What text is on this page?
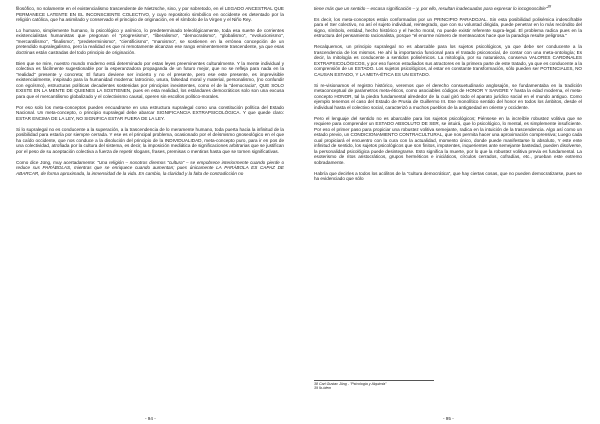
filosófico, no solamente en el existencialismo trascendente de Nietzsche, sino, y por sobretodo, en el LEGADO ANCESTRAL QUE PERMANECE LATENTE EN EL INCONSCIENTE COLECTIVO, y cuyo repositorio simbólico en occidente es detentado por la religión católica, que ha asimilado y conservado el principio de originación, en el símbolo de la Virgen y el Niño Rey.

Lo humano, simplemente humano, lo psicológico y anímico, lo predeterminado teleológicamente, toda esa suerte de corrientes existencialistas humanistas que pregonan el "progresismo", "liberalismo", "democratismo", "globalismo", "evolucionismo", "mercantilismo", "finalismo", "predeterminismo", "cientificismo", "marxismo", se sostienen en la errónea concepción de un pretendido supralegalismo, pero la realidad es que ni remotamente alcanzan ese rango eminentemente trascendente, ya que esas doctrinas están castradas del todo principio de originación.

Bien que se mire, nuestro mundo moderno está determinado por estas leyes preeminentes culturalmente. Y la mente individual y colectiva es fácilmente sugestionable por la esperanzadora propaganda de un futuro mejor, que no se refleja para nada en la "realidad" presente y concreta; El futuro deviene ser incierto y no el presente, pero ese este presente, es imprevisible existencialmente, inspirado para la humanidad moderna: latrocinio, usura, falsedad moral y material, personalismo, (no confundir con egoísmo), estructuras políticas decadentes sostenidas por principios inexistentes, como el de la "democracia", QUE SOLO EXISTE EN LA MENTE DE QUIENES LA SOSTIENEN, pues en esta realidad, los estándares democráticos solo son una excusa para que el mercantilismo globalizado y el colectivismo causal, operen sin escollos político-morales.

Por eso solo los meta-conceptos pueden encuadrarse en una estructura supralegal como una constitución política del Estado Nacional. Un meta-concepto, o principio supralegal debe abarcar SIGNIFICANCIA EXTRAPSICOLÓGICA. Y que quede claro: ESTAR ENCIMA DE LA LEY, NO SIGNIFICA ESTAR FUERA DE LA LEY.

Si lo supralegal no es conducente a la superación, a la trascendencia de lo meramente humano, toda puerta hacia la infinitud de la posibilidad para estaría por siempre cerrada. Y ese es el principal problema, ocasionado por el deísmismo gnoseológico en el que ha caído occidente, que nos conduce a la disolución del principio de la INDIVIDUALIDAD, meta-concepto puro, para ir en pos de una colectividad, atrofiada por la cultura del sistema, es decir, la imposición mediática de significaciones arbitrarias que se justifican por el peso de su aceptación colectiva a fuerza de repetir slogans, frases, premisas o mentiras hasta que se tornen significativas.

Como dice Jüng, muy acertadamente: "Una religión – nosotros diremos "cultura" – se empobrece interiormente cuando pierde o reduce sus PARÁBOLAS, mientras que se enriquece cuando aumentan; pues únicamente LA PARÁBOLA ES CAPAZ DE ABARCAR, de forma aproximada, la inmensidad de la vida. En cambio, la claridad y la falta de contradicción no

- 94 -

tiene más que un sentido – escasa significación – y, por ello, resultan inadecuadas para expresar lo incognoscible"$^{38}$

Es decir, los meta-conceptos están conformados por un PRINCIPIO PARADOJAL. Sin esta posibilidad polisémica indescifrable para el Ser colectivo, no así el sujeto individual, reintegrado, que con su voluntad dirigida, puede penetrar en lo más recóndito del signo, símbolo, entidad, hecho histórico y el hecho moral, no puede existir referente supra-legal. El problema radica pues en la estructura del pensamiento racionalista, porque "el enorme número de menteacatos hace que la paradoja resulte peligrosa."

Recalquemos, un principio supralegal no es abarcable para los sujetos psicológicos, ya que debe ser conducente a la trascendencia de los mismos. He ahí la importancia funcional para el tratado psicosocial, de contar con una meta-ontología; Es decir, la mitología es conducente a sentidos polisémicos. La mitología, por su naturaleza, conserva VALORES CARDINALES EXTRAPSICOLÓGICOS, y por eso fueron estudiados sus atractores en la primera parte de este tratado, ya que es conducente a la comprensión de un ESTADO. Los sujetos psicológicos, al estar en constante transformación, sólo pueden ser POTENCIALES, NO CAUSAN ESTADO, Y LA META-ÉTICA ES UN ESTADO.

Si re-visionamos el registro histórico, veremos que el derecho consuetudinario anglosajón, se fundamentaba en la tradición metaconceptual de parámetros meta-éticos, como asociables códigos de HONOR Y SANGRE Y hasta la edad moderna, el meta-concepto HONOR, tal la piedra fundamental alrededor de la cual giró todo el aparato jurídico social en el mundo antiguo. Como ejemplo tenemos el caso del Estado de Prusia de Guillermo III. Ese monolítico sentido del honor en todos los ámbitos, desde el individual hasta el colectivo social, caracterizó a muchos pueblos de la antigüedad en oriente y occidente.

Pero el lenguaje del sentido no es abarcable para los sujetos psicológicos; Piénsese en la increíble robustez volitiva que se requiere para comprender un ESTADO ABSOLUTO DE SER, se intuirá, que lo psicológico, lo mental, es simplemente insuficiente. Por eso el primer paso para propiciar una robustez volitiva semejante, radica en la intuición de la trascendencia. Algo así como un estado previo, un CONDICIONAMIENTO CONTRACULTURAL, que nos permita hacer una aproximación comprensiva; Luego cada cual propiciará el encuentro con la cura con la actualidad, momento único, donde puede manifestarse lo absoluto, Y este ente infinitud de sentido, los sujetos psicológicos que son finitos, impotentes, inquerientes ante semejante bastedad, pueden disolverse, la personalidad psicológica puede desintegrarse. Esto significa la muerte, por lo que la robustez volitiva previa es fundamental. La esoterismo de ritos aristocráticos, grupos herméticos e iniciáticos, círculos cerrados, cofradías, etc., prueban este extremo sobradamente.

Habría que decirles a todos los acólitos de la "cultura democrática", que hay ciertas cosas, que no pueden democratizarse, pues se ha evidenciado que sólo

38 Carl Gustav Jüng - "Psicología y Alquimia"
39 Ib-ídem
- 95 -
